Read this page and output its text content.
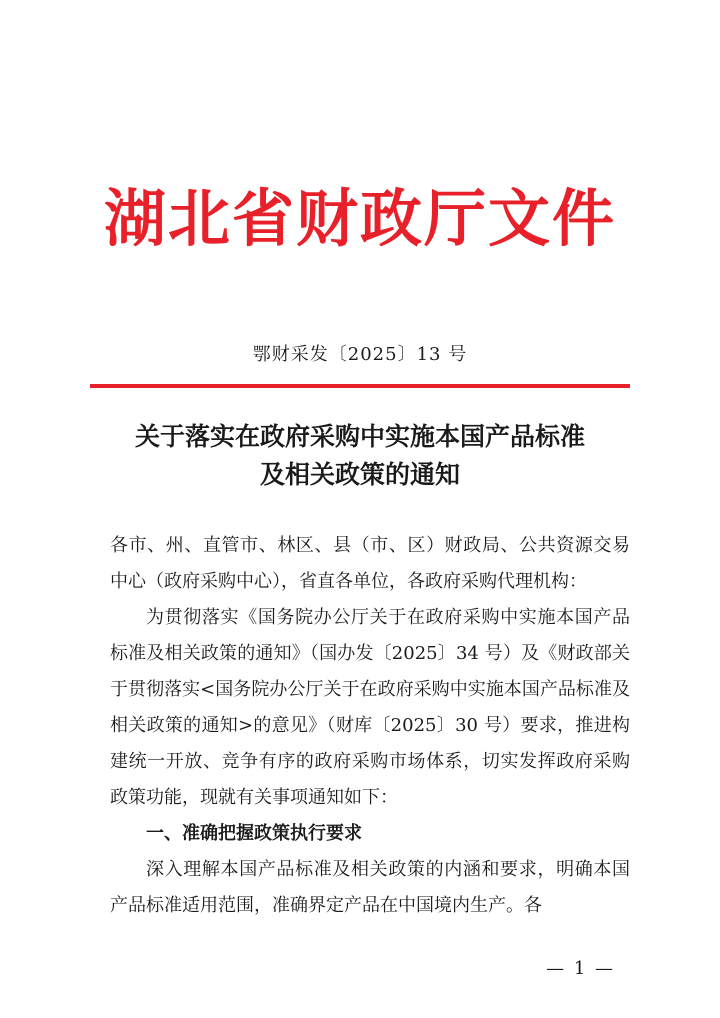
湖北省财政厅文件
鄂财采发〔2025〕13 号
关于落实在政府采购中实施本国产品标准
及相关政策的通知

各市、州、直管市、林区、县（市、区）财政局、公共资源交易中心（政府采购中心），省直各单位，各政府采购代理机构：

为贯彻落实《国务院办公厅关于在政府采购中实施本国产品标准及相关政策的通知》（国办发〔2025〕34 号）及《财政部关于贯彻落实<国务院办公厅关于在政府采购中实施本国产品标准及相关政策的通知>的意见》（财库〔2025〕30 号）要求，推进构建统一开放、竞争有序的政府采购市场体系，切实发挥政府采购政策功能，现就有关事项通知如下：

一、准确把握政策执行要求

深入理解本国产品标准及相关政策的内涵和要求，明确本国产品标准适用范围，准确界定产品在中国境内生产。各

— 1 —
